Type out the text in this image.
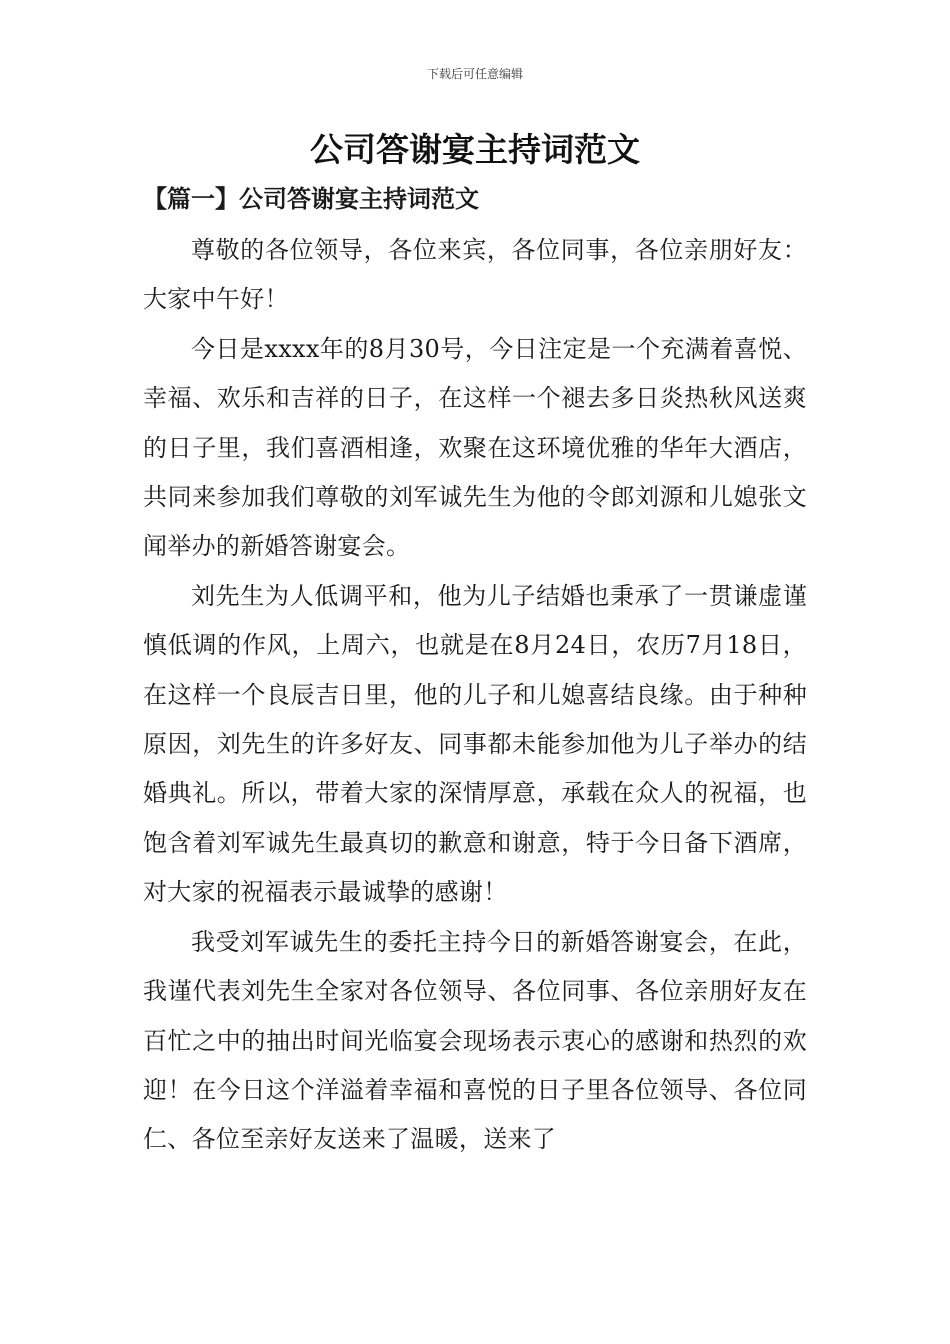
下载后可任意编辑
公司答谢宴主持词范文
【篇一】公司答谢宴主持词范文

尊敬的各位领导，各位来宾，各位同事，各位亲朋好友：大家中午好！

今日是xxxx年的8月30号，今日注定是一个充满着喜悦、幸福、欢乐和吉祥的日子，在这样一个褪去多日炎热秋风送爽的日子里，我们喜酒相逢，欢聚在这环境优雅的华年大酒店，共同来参加我们尊敬的刘军诚先生为他的令郎刘源和儿媳张文闻举办的新婚答谢宴会。

刘先生为人低调平和，他为儿子结婚也秉承了一贯谦虚谨慎低调的作风，上周六，也就是在8月24日，农历7月18日，在这样一个良辰吉日里，他的儿子和儿媳喜结良缘。由于种种原因，刘先生的许多好友、同事都未能参加他为儿子举办的结婚典礼。所以，带着大家的深情厚意，承载在众人的祝福，也饱含着刘军诚先生最真切的歉意和谢意，特于今日备下酒席，对大家的祝福表示最诚挚的感谢！

我受刘军诚先生的委托主持今日的新婚答谢宴会，在此，我谨代表刘先生全家对各位领导、各位同事、各位亲朋好友在百忙之中的抽出时间光临宴会现场表示衷心的感谢和热烈的欢迎！在今日这个洋溢着幸福和喜悦的日子里各位领导、各位同仁、各位至亲好友送来了温暖，送来了
